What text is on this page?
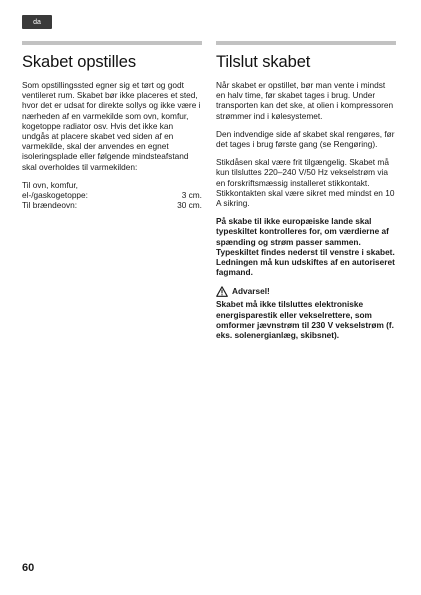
da
Skabet opstilles

Som opstillingssted egner sig et tørt og godt ventileret rum. Skabet bør ikke placeres et sted, hvor det er udsat for direkte sollys og ikke være i nærheden af en varmekilde som ovn, komfur, kogetoppe radiator osv. Hvis det ikke kan undgås at placere skabet ved siden af en varmekilde, skal der anvendes en egnet isoleringsplade eller følgende mindsteafstand skal overholdes til varmekilden:

Til ovn, komfur,
el-/gaskogetoppe:	3 cm.
Til brændeovn:	30 cm.
Tilslut skabet

Når skabet er opstillet, bør man vente i mindst en halv time, før skabet tages i brug. Under transporten kan det ske, at olien i kompressoren strømmer ind i kølesystemet.

Den indvendige side af skabet skal rengøres, før det tages i brug første gang (se Rengøring).

Stikdåsen skal være frit tilgængelig. Skabet må kun tilsluttes 220–240 V/50 Hz vekselstrøm via en forskriftsmæssig installeret stikkontakt. Stikkontakten skal være sikret med mindst en 10 A sikring.

På skabe til ikke europæiske lande skal typeskiltet kontrolleres for, om værdierne af spænding og strøm passer sammen. Typeskiltet findes nederst til venstre i skabet. Ledningen må kun udskiftes af en autoriseret fagmand.

Advarsel!

Skabet må ikke tilsluttes elektroniske energisparestik eller vekselrettere, som omformer jævnstrøm til 230 V vekselstrøm (f. eks. solenergianlæg, skibsnet).

60
